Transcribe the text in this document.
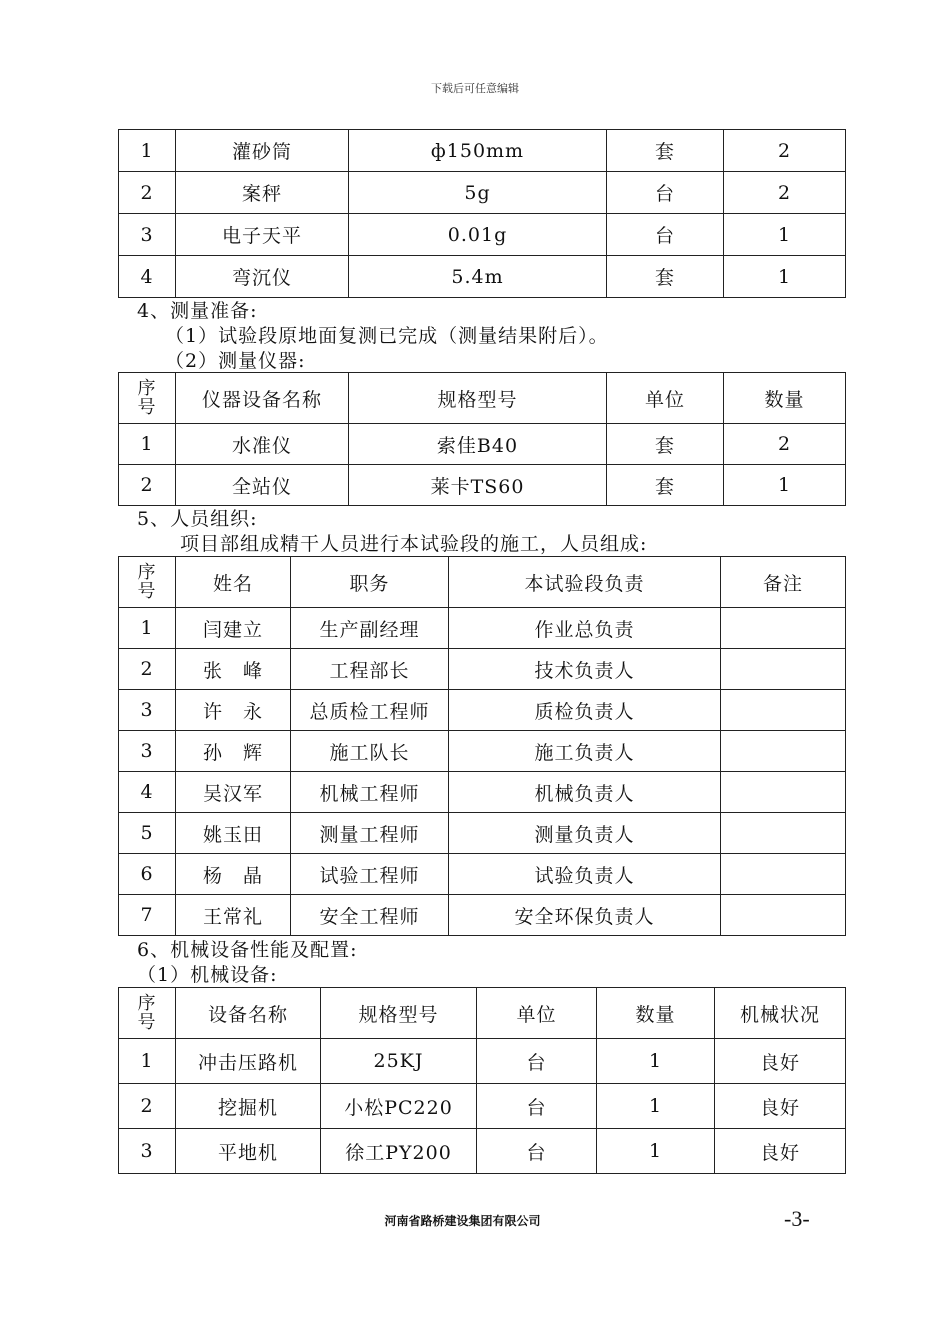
下载后可任意编辑
1	灌砂筒	ф150mm	套	2
2	案秤	5g	台	2
3	电子天平	0.01g	台	1
4	弯沉仪	5.4m	套	1
4、测量准备:
（1）试验段原地面复测已完成（测量结果附后）。
（2）测量仪器:
序号	仪器设备名称	规格型号	单位	数量
1	水准仪	索佳B40	套	2
2	全站仪	莱卡TS60	套	1
5、人员组织:
项目部组成精干人员进行本试验段的施工，人员组成:
序号	姓名	职务	本试验段负责	备注
1	闫建立	生产副经理	作业总负责	
2	张　峰	工程部长	技术负责人	
3	许　永	总质检工程师	质检负责人	
3	孙　辉	施工队长	施工负责人	
4	吴汉军	机械工程师	机械负责人	
5	姚玉田	测量工程师	测量负责人	
6	杨　晶	试验工程师	试验负责人	
7	王常礼	安全工程师	安全环保负责人	
6、机械设备性能及配置:
（1）机械设备:
序号	设备名称	规格型号	单位	数量	机械状况
1	冲击压路机	25KJ	台	1	良好
2	挖掘机	小松PC220	台	1	良好
3	平地机	徐工PY200	台	1	良好
河南省路桥建设集团有限公司	-3-
